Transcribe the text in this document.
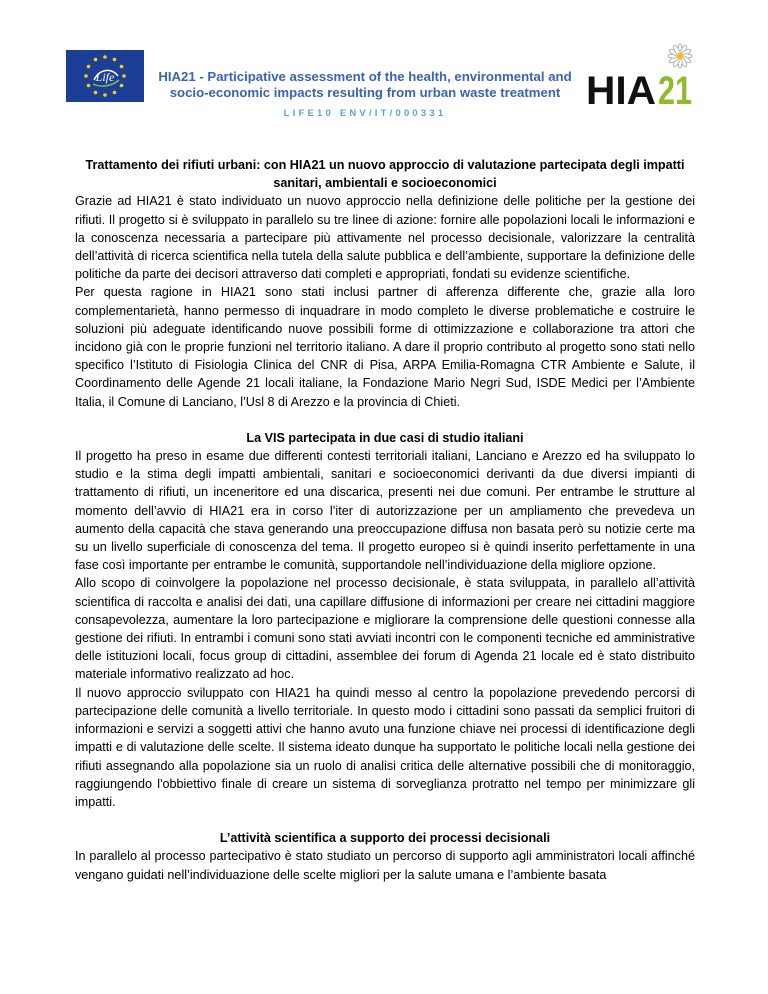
Life	HIA21 - Participative assessment of the health, environmental and socio-economic impacts resulting from urban waste treatment
LIFE10 ENV/IT/000331
HIA 21
Trattamento dei rifiuti urbani: con HIA21 un nuovo approccio di valutazione partecipata degli impatti sanitari, ambientali e socioeconomici

Grazie ad HIA21 è stato individuato un nuovo approccio nella definizione delle politiche per la gestione dei rifiuti. Il progetto si è sviluppato in parallelo su tre linee di azione: fornire alle popolazioni locali le informazioni e la conoscenza necessaria a partecipare più attivamente nel processo decisionale, valorizzare la centralità dell’attività di ricerca scientifica nella tutela della salute pubblica e dell’ambiente, supportare la definizione delle politiche da parte dei decisori attraverso dati completi e appropriati, fondati su evidenze scientifiche.

Per questa ragione in HIA21 sono stati inclusi partner di afferenza differente che, grazie alla loro complementarietà, hanno permesso di inquadrare in modo completo le diverse problematiche e costruire le soluzioni più adeguate identificando nuove possibili forme di ottimizzazione e collaborazione tra attori che incidono già con le proprie funzioni nel territorio italiano. A dare il proprio contributo al progetto sono stati nello specifico l’Istituto di Fisiologia Clinica del CNR di Pisa, ARPA Emilia-Romagna CTR Ambiente e Salute, il Coordinamento delle Agende 21 locali italiane, la Fondazione Mario Negri Sud, ISDE Medici per l’Ambiente Italia, il Comune di Lanciano, l’Usl 8 di Arezzo e la provincia di Chieti.

La VIS partecipata in due casi di studio italiani

Il progetto ha preso in esame due differenti contesti territoriali italiani, Lanciano e Arezzo ed ha sviluppato lo studio e la stima degli impatti ambientali, sanitari e socioeconomici derivanti da due diversi impianti di trattamento di rifiuti, un inceneritore ed una discarica, presenti nei due comuni. Per entrambe le strutture al momento dell’avvio di HIA21 era in corso l’iter di autorizzazione per un ampliamento che prevedeva un aumento della capacità che stava generando una preoccupazione diffusa non basata però su notizie certe ma su un livello superficiale di conoscenza del tema. Il progetto europeo si è quindi inserito perfettamente in una fase così importante per entrambe le comunità, supportandole nell’individuazione della migliore opzione.

Allo scopo di coinvolgere la popolazione nel processo decisionale, è stata sviluppata, in parallelo all’attività scientifica di raccolta e analisi dei dati, una capillare diffusione di informazioni per creare nei cittadini maggiore consapevolezza, aumentare la loro partecipazione e migliorare la comprensione delle questioni connesse alla gestione dei rifiuti. In entrambi i comuni sono stati avviati incontri con le componenti tecniche ed amministrative delle istituzioni locali, focus group di cittadini, assemblee dei forum di Agenda 21 locale ed è stato distribuito materiale informativo realizzato ad hoc.

Il nuovo approccio sviluppato con HIA21 ha quindi messo al centro la popolazione prevedendo percorsi di partecipazione delle comunità a livello territoriale. In questo modo i cittadini sono passati da semplici fruitori di informazioni e servizi a soggetti attivi che hanno avuto una funzione chiave nei processi di identificazione degli impatti e di valutazione delle scelte. Il sistema ideato dunque ha supportato le politiche locali nella gestione dei rifiuti assegnando alla popolazione sia un ruolo di analisi critica delle alternative possibili che di monitoraggio, raggiungendo l'obbiettivo finale di creare un sistema di sorveglianza protratto nel tempo per minimizzare gli impatti.

L’attività scientifica a supporto dei processi decisionali

In parallelo al processo partecipativo è stato studiato un percorso di supporto agli amministratori locali affinché vengano guidati nell’individuazione delle scelte migliori per la salute umana e l’ambiente basata
